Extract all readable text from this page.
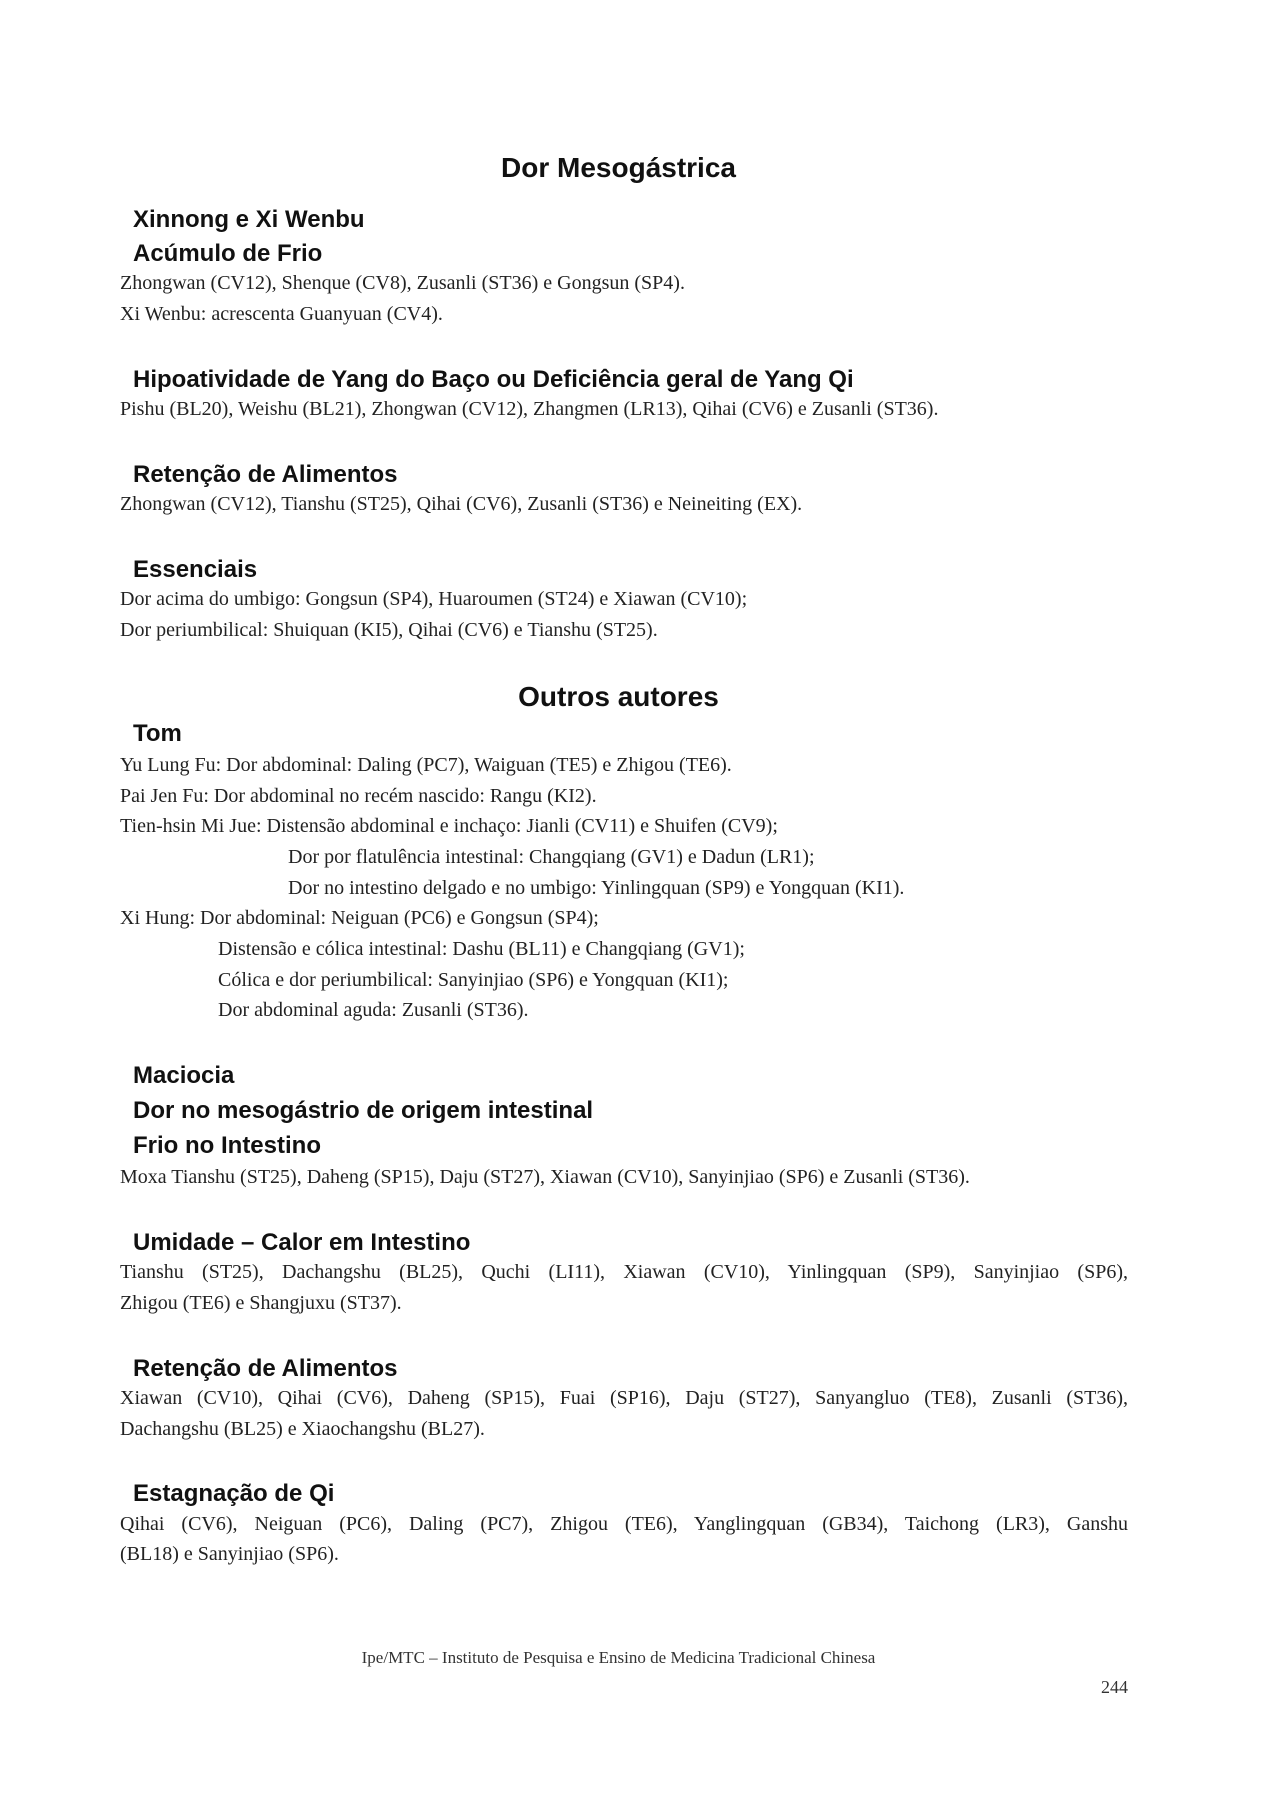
Dor Mesogástrica
Xinnong e Xi Wenbu
Acúmulo de Frio
Zhongwan (CV12), Shenque (CV8), Zusanli (ST36) e Gongsun (SP4).
Xi Wenbu: acrescenta Guanyuan (CV4).
Hipoatividade de Yang do Baço ou Deficiência geral de Yang Qi
Pishu (BL20), Weishu (BL21), Zhongwan (CV12), Zhangmen (LR13), Qihai (CV6) e Zusanli (ST36).
Retenção de Alimentos
Zhongwan (CV12), Tianshu (ST25), Qihai (CV6), Zusanli (ST36) e Neineiting (EX).
Essenciais
Dor acima do umbigo: Gongsun (SP4), Huaroumen (ST24) e Xiawan (CV10);
Dor periumbilical: Shuiquan (KI5), Qihai (CV6) e Tianshu (ST25).
Outros autores
Tom
Yu Lung Fu: Dor abdominal: Daling (PC7), Waiguan (TE5) e Zhigou (TE6).
Pai Jen Fu: Dor abdominal no recém nascido: Rangu (KI2).
Tien-hsin Mi Jue: Distensão abdominal e inchaço: Jianli (CV11) e Shuifen (CV9);
Dor por flatulência intestinal: Changqiang (GV1) e Dadun (LR1);
Dor no intestino delgado e no umbigo: Yinlingquan (SP9) e Yongquan (KI1).
Xi Hung: Dor abdominal: Neiguan (PC6) e Gongsun (SP4);
Distensão e cólica intestinal: Dashu (BL11) e Changqiang (GV1);
Cólica e dor periumbilical: Sanyinjiao (SP6) e Yongquan (KI1);
Dor abdominal aguda: Zusanli (ST36).
Maciocia
Dor no mesogástrio de origem intestinal
Frio no Intestino
Moxa Tianshu (ST25), Daheng (SP15), Daju (ST27), Xiawan (CV10), Sanyinjiao (SP6) e Zusanli (ST36).
Umidade – Calor em Intestino
Tianshu (ST25), Dachangshu (BL25), Quchi (LI11), Xiawan (CV10), Yinlingquan (SP9), Sanyinjiao (SP6),
Zhigou (TE6) e Shangjuxu (ST37).
Retenção de Alimentos
Xiawan (CV10), Qihai (CV6), Daheng (SP15), Fuai (SP16), Daju (ST27), Sanyangluo (TE8), Zusanli (ST36),
Dachangshu (BL25) e Xiaochangshu (BL27).
Estagnação de Qi
Qihai (CV6), Neiguan (PC6), Daling (PC7), Zhigou (TE6), Yanglingquan (GB34), Taichong (LR3), Ganshu
(BL18) e Sanyinjiao (SP6).
Ipe/MTC – Instituto de Pesquisa e Ensino de Medicina Tradicional Chinesa
244
